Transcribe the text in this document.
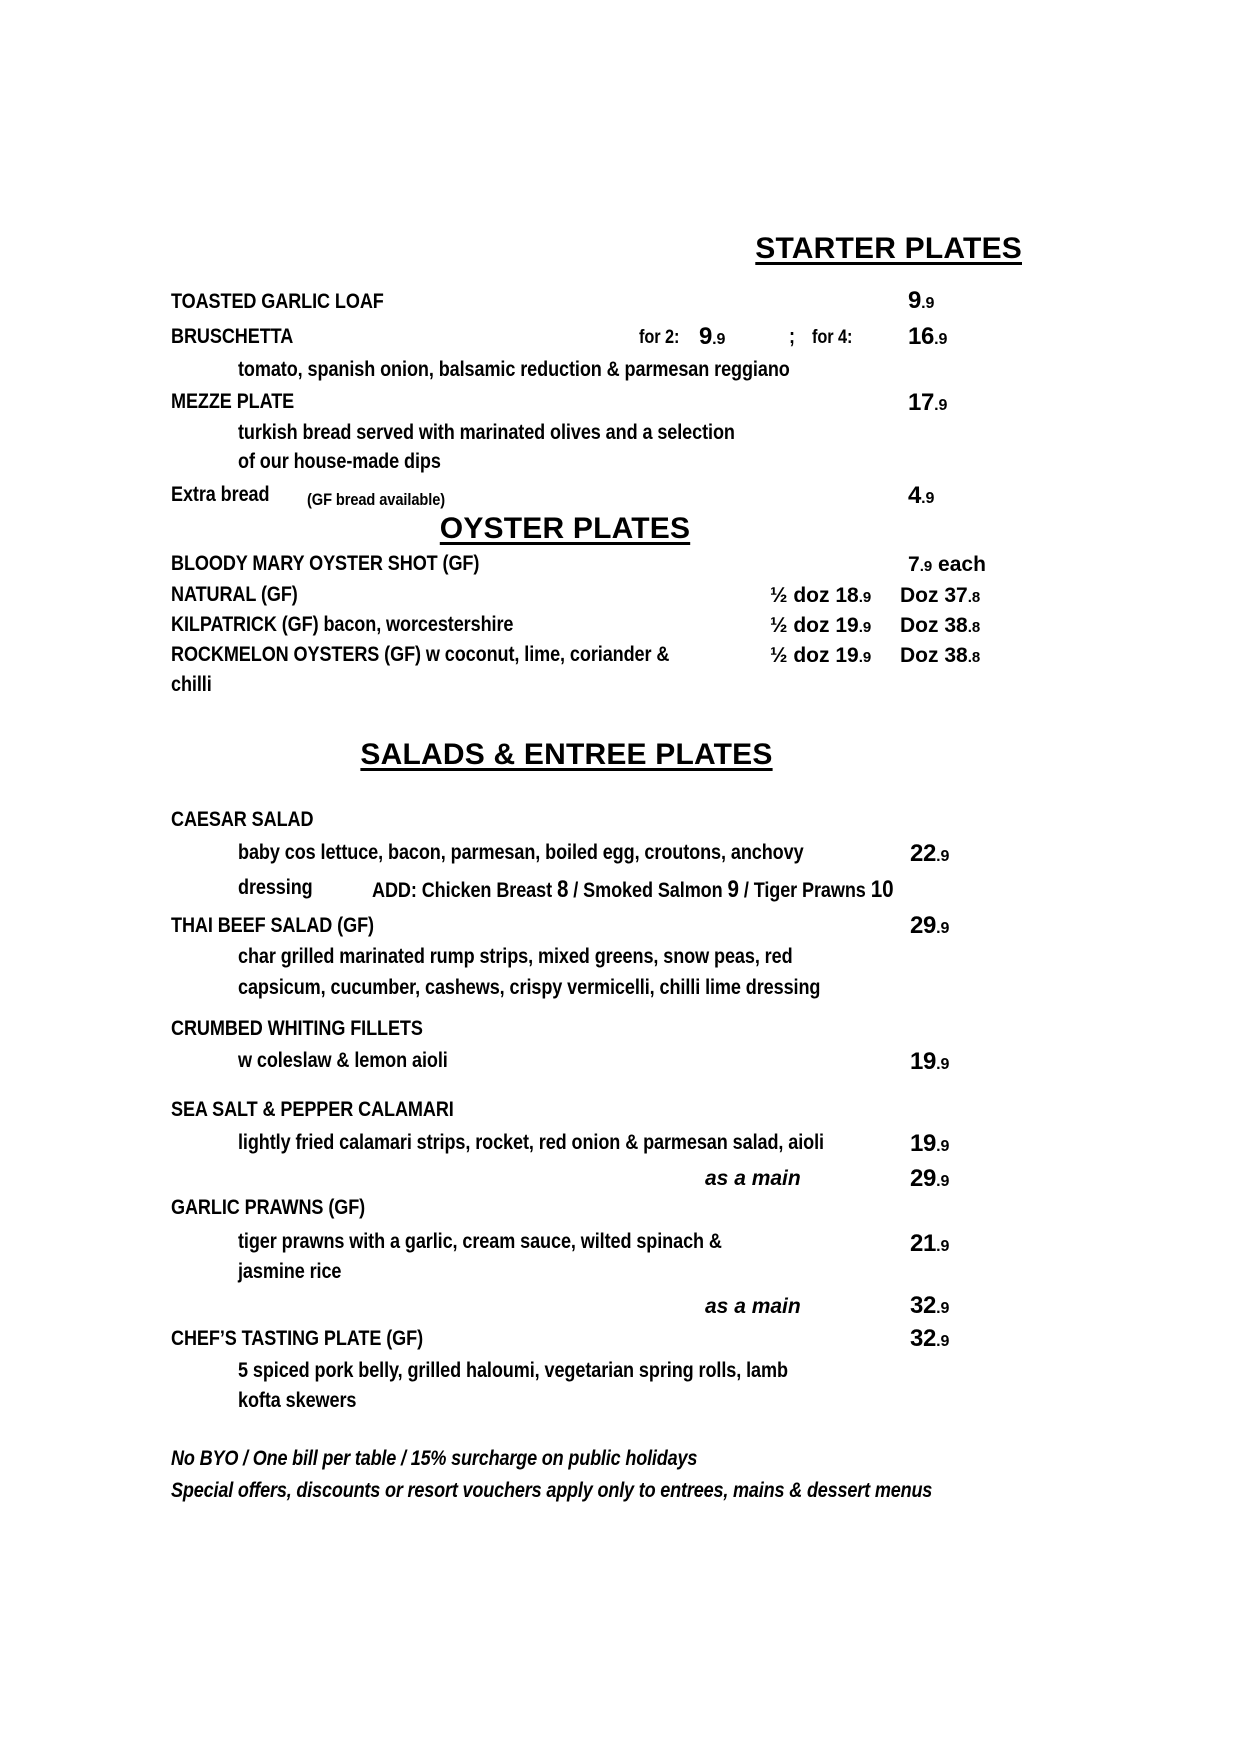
STARTER PLATES
TOASTED GARLIC LOAF	9.9
BRUSCHETTA	for 2: 9.9	; for 4: 16.9
tomato, spanish onion, balsamic reduction & parmesan reggiano
MEZZE PLATE	17.9
turkish bread served with marinated olives and a selection
of our house-made dips
Extra bread	(GF bread available)	4.9
OYSTER PLATES
BLOODY MARY OYSTER SHOT (GF)	7.9 each
NATURAL (GF)	½ doz 18.9 Doz 37.8
KILPATRICK (GF) bacon, worcestershire	½ doz 19.9 Doz 38.8
ROCKMELON OYSTERS (GF) w coconut, lime, coriander &
chilli
½ doz 19.9 Doz 38.8
SALADS & ENTREE PLATES
CAESAR SALAD
baby cos lettuce, bacon, parmesan, boiled egg, croutons, anchovy	22.9
dressing	ADD: Chicken Breast 8 / Smoked Salmon 9 / Tiger Prawns 10
THAI BEEF SALAD (GF)	29.9
char grilled marinated rump strips, mixed greens, snow peas, red
capsicum, cucumber, cashews, crispy vermicelli, chilli lime dressing
CRUMBED WHITING FILLETS
w coleslaw & lemon aioli	19.9
SEA SALT & PEPPER CALAMARI
lightly fried calamari strips, rocket, red onion & parmesan salad, aioli	19.9
as a main	29.9
GARLIC PRAWNS (GF)
tiger prawns with a garlic, cream sauce, wilted spinach &	21.9
jasmine rice
as a main	32.9
CHEF’S TASTING PLATE (GF)	32.9
5 spiced pork belly, grilled haloumi, vegetarian spring rolls, lamb
kofta skewers
No BYO / One bill per table / 15% surcharge on public holidays
Special offers, discounts or resort vouchers apply only to entrees, mains & dessert menus
